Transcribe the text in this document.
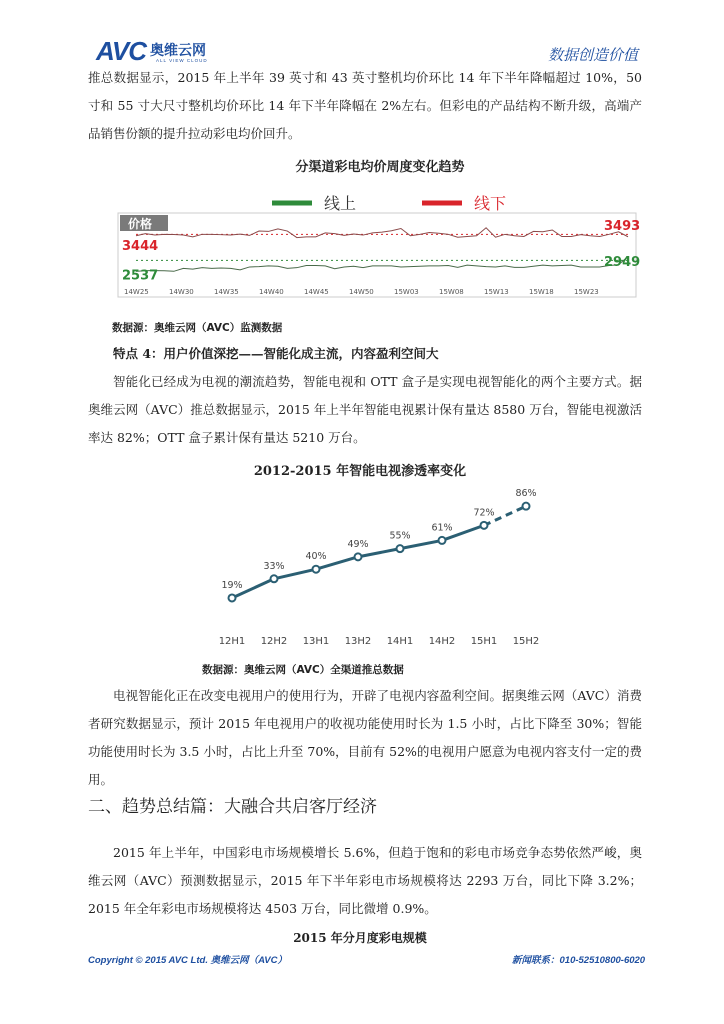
AVC 奥维云网
ALL VIEW CLOUD	数据创造价值
推总数据显示，2015 年上半年 39 英寸和 43 英寸整机均价环比 14 年下半年降幅超过 10%，50 寸和 55 寸大尺寸整机均价环比 14 年下半年降幅在 2%左右。但彩电的产品结构不断升级，高端产品销售份额的提升拉动彩电均价回升。
分渠道彩电均价周度变化趋势
线上	线下
价格
3444
3493
2537
2949
14W25	14W30	14W35	14W40	14W45	14W50	15W03	15W08	15W13	15W18	15W23
数据源：奥维云网（AVC）监测数据
特点 4：用户价值深挖——智能化成主流，内容盈利空间大
智能化已经成为电视的潮流趋势，智能电视和 OTT 盒子是实现电视智能化的两个主要方式。据奥维云网（AVC）推总数据显示，2015 年上半年智能电视累计保有量达 8580 万台，智能电视激活率达 82%；OTT 盒子累计保有量达 5210 万台。
2012-2015 年智能电视渗透率变化
19%
12H1
33%
12H2
40%
13H1
49%
13H2
55%
14H1
61%
14H2
72%
15H1
86%
15H2
数据源：奥维云网（AVC）全渠道推总数据
电视智能化正在改变电视用户的使用行为，开辟了电视内容盈利空间。据奥维云网（AVC）消费者研究数据显示，预计 2015 年电视用户的收视功能使用时长为 1.5 小时，占比下降至 30%；智能功能使用时长为 3.5 小时，占比上升至 70%，目前有 52%的电视用户愿意为电视内容支付一定的费用。
二、趋势总结篇：大融合共启客厅经济
2015 年上半年，中国彩电市场规模增长 5.6%，但趋于饱和的彩电市场竞争态势依然严峻，奥维云网（AVC）预测数据显示，2015 年下半年彩电市场规模将达 2293 万台，同比下降 3.2%；2015 年全年彩电市场规模将达 4503 万台，同比微增 0.9%。
2015 年分月度彩电规模
Copyright © 2015 AVC Ltd. 奥维云网（AVC）	新闻联系：010-52510800-6020
